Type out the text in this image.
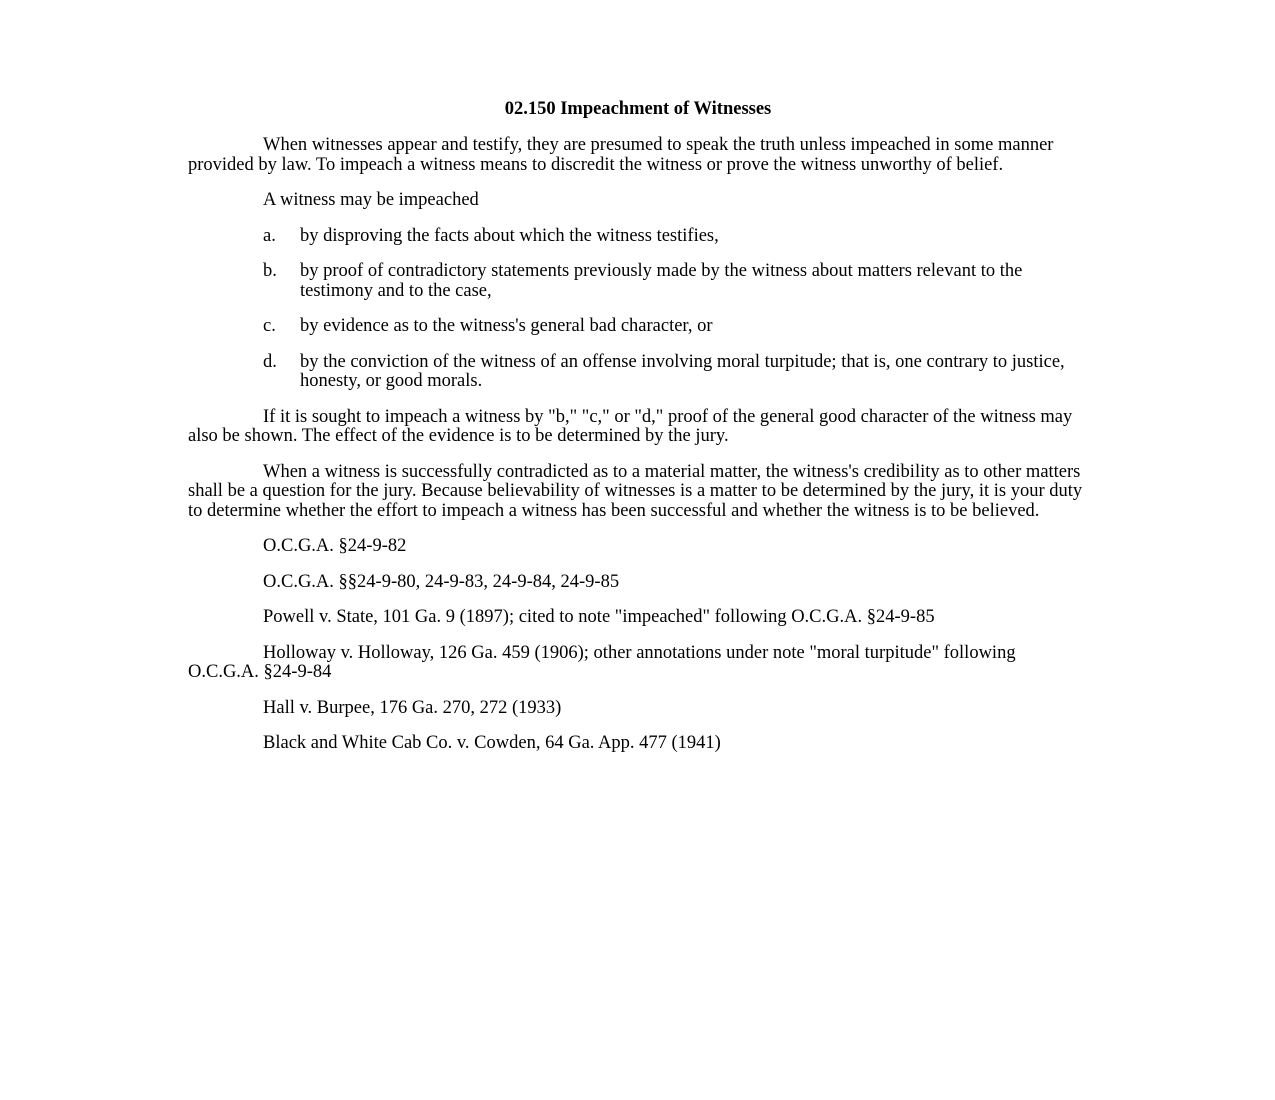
02.150 Impeachment of Witnesses

When witnesses appear and testify, they are presumed to speak the truth unless impeached in some manner provided by law. To impeach a witness means to discredit the witness or prove the witness unworthy of belief.

A witness may be impeached

a. by disproving the facts about which the witness testifies,
b. by proof of contradictory statements previously made by the witness about matters relevant to the testimony and to the case,
c. by evidence as to the witness's general bad character, or
d. by the conviction of the witness of an offense involving moral turpitude; that is, one contrary to justice, honesty, or good morals.

If it is sought to impeach a witness by "b," "c," or "d," proof of the general good character of the witness may also be shown. The effect of the evidence is to be determined by the jury.

When a witness is successfully contradicted as to a material matter, the witness's credibility as to other matters shall be a question for the jury. Because believability of witnesses is a matter to be determined by the jury, it is your duty to determine whether the effort to impeach a witness has been successful and whether the witness is to be believed.

O.C.G.A. §24-9-82

O.C.G.A. §§24-9-80, 24-9-83, 24-9-84, 24-9-85

Powell v. State, 101 Ga. 9 (1897); cited to note "impeached" following O.C.G.A. §24-9-85

Holloway v. Holloway, 126 Ga. 459 (1906); other annotations under note "moral turpitude" following O.C.G.A. §24-9-84

Hall v. Burpee, 176 Ga. 270, 272 (1933)

Black and White Cab Co. v. Cowden, 64 Ga. App. 477 (1941)
